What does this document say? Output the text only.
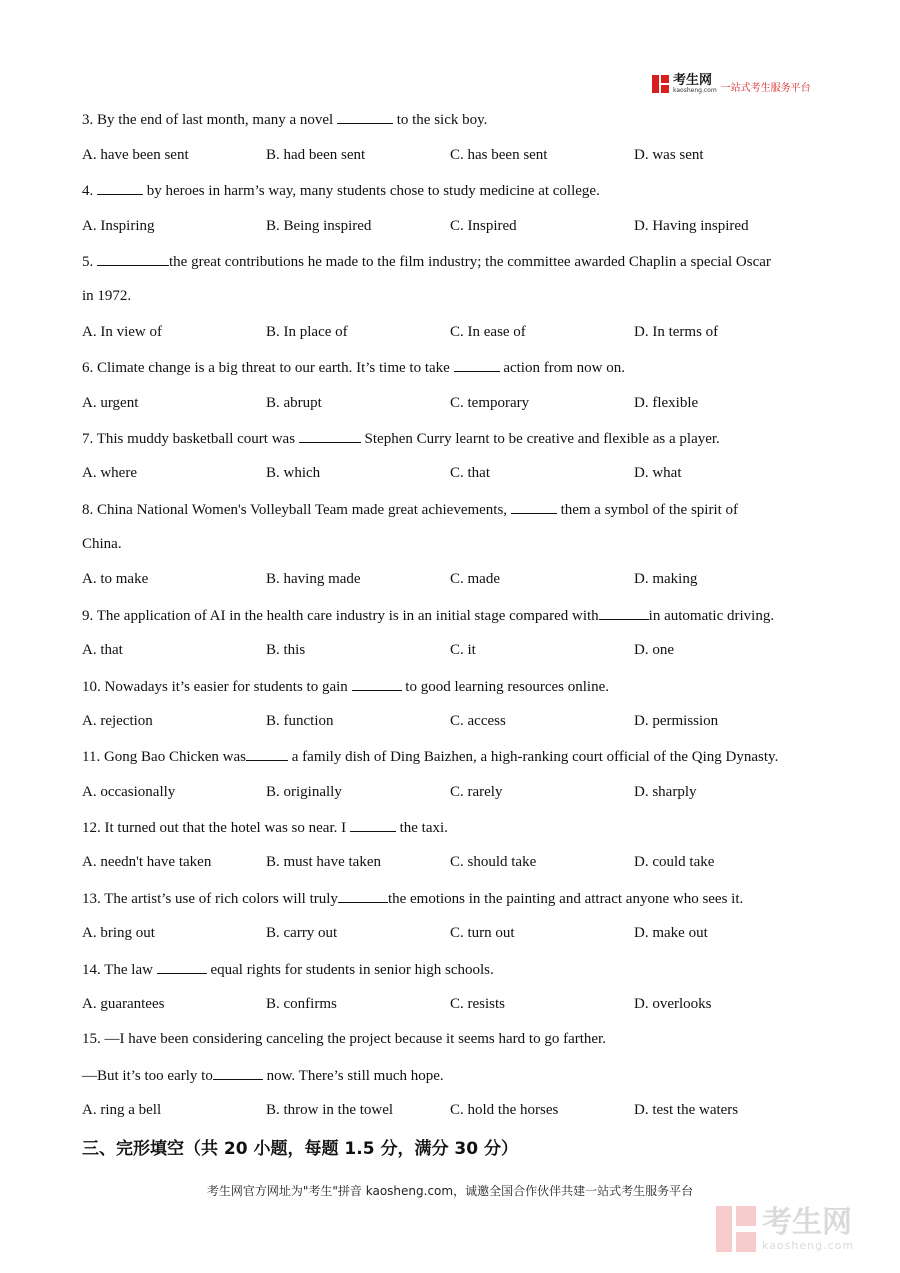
考生网
kaosheng.com 一站式考生服务平台
3. By the end of last month, many a novel	to the sick boy.
A. have been sent	B. had been sent	C. has been sent	D. was sent
4.	by heroes in harm’s way, many students chose to study medicine at college.
A. Inspiring	B. Being inspired	C. Inspired	D. Having inspired
5.	the great contributions he made to the film industry; the committee awarded Chaplin a special Oscar
in 1972.
A. In view of	B. In place of	C. In ease of	D. In terms of
6. Climate change is a big threat to our earth. It’s time to take	action from now on.
A. urgent	B. abrupt	C. temporary	D. flexible
7. This muddy basketball court was	Stephen Curry learnt to be creative and flexible as a player.
A. where	B. which	C. that	D. what
8. China National Women's Volleyball Team made great achievements,	them a symbol of the spirit of
China.
A. to make	B. having made	C. made	D. making
9. The application of AI in the health care industry is in an initial stage compared with	in automatic driving.
A. that	B. this	C. it	D. one
10. Nowadays it’s easier for students to gain	to good learning resources online.
A. rejection	B. function	C. access	D. permission
11. Gong Bao Chicken was	a family dish of Ding Baizhen, a high-ranking court official of the Qing Dynasty.
A. occasionally	B. originally	C. rarely	D. sharply
12. It turned out that the hotel was so near. I	the taxi.
A. needn't have taken	B. must have taken	C. should take	D. could take
13. The artist’s use of rich colors will truly	the emotions in the painting and attract anyone who sees it.
A. bring out	B. carry out	C. turn out	D. make out
14. The law	equal rights for students in senior high schools.
A. guarantees	B. confirms	C. resists	D. overlooks
15. —I have been considering canceling the project because it seems hard to go farther.
—But it’s too early to	now. There’s still much hope.
A. ring a bell	B. throw in the towel	C. hold the horses	D. test the waters
三、完形填空（共 20 小题，每题 1.5 分，满分 30 分）
考生网官方网址为"考生"拼音 kaosheng.com，诚邀全国合作伙伴共建一站式考生服务平台
考生网
kaosheng.com
